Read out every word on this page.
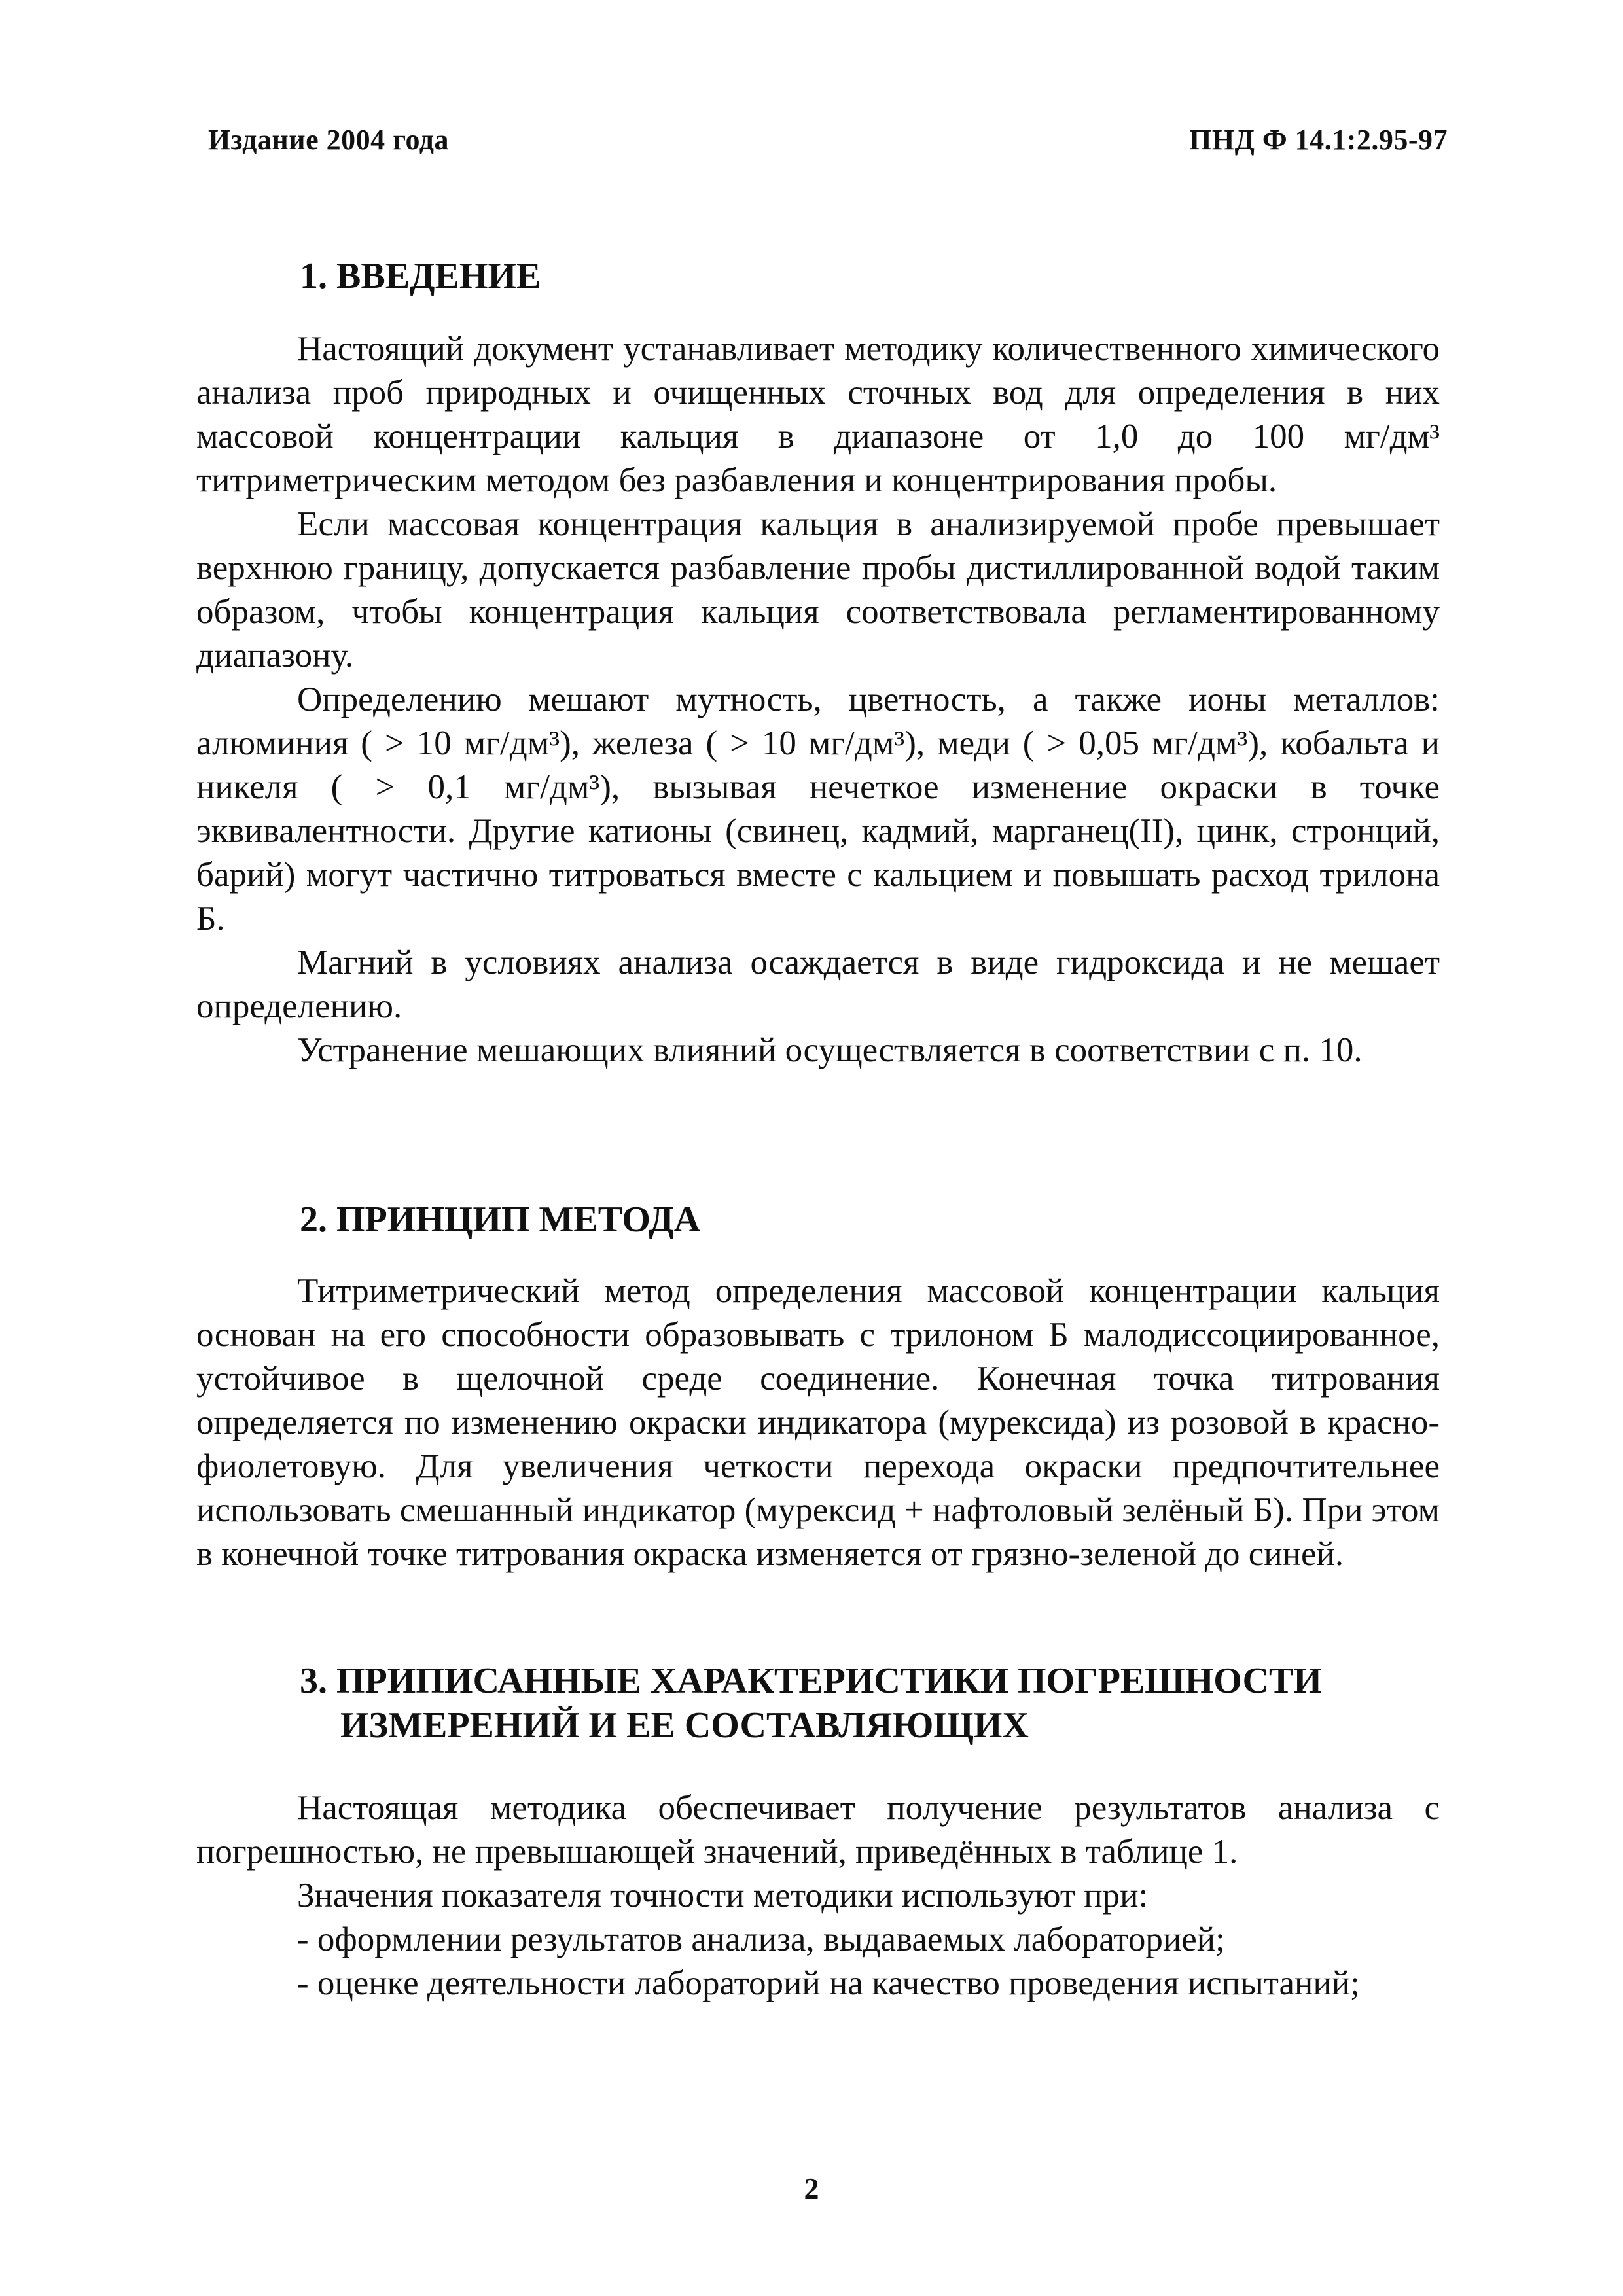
Издание 2004 года	ПНД Ф 14.1:2.95-97
1. ВВЕДЕНИЕ

Настоящий документ устанавливает методику количественного химического анализа проб природных и очищенных сточных вод для определения в них массовой концентрации кальция в диапазоне от 1,0 до 100 мг/дм³ титриметрическим методом без разбавления и концентрирования пробы.

Если массовая концентрация кальция в анализируемой пробе превышает верхнюю границу, допускается разбавление пробы дистиллированной водой таким образом, чтобы концентрация кальция соответствовала регламентированному диапазону.

Определению мешают мутность, цветность, а также ионы металлов: алюминия ( > 10 мг/дм³), железа ( > 10 мг/дм³), меди ( > 0,05 мг/дм³), кобальта и никеля ( > 0,1 мг/дм³), вызывая нечеткое изменение окраски в точке эквивалентности. Другие катионы (свинец, кадмий, марганец(II), цинк, стронций, барий) могут частично титроваться вместе с кальцием и повышать расход трилона Б.

Магний в условиях анализа осаждается в виде гидроксида и не мешает определению.

Устранение мешающих влияний осуществляется в соответствии с п. 10.

2. ПРИНЦИП МЕТОДА

Титриметрический метод определения массовой концентрации кальция основан на его способности образовывать с трилоном Б малодиссоциированное, устойчивое в щелочной среде соединение. Конечная точка титрования определяется по изменению окраски индикатора (мурексида) из розовой в красно-фиолетовую. Для увеличения четкости перехода окраски предпочтительнее использовать смешанный индикатор (мурексид + нафтоловый зелёный Б). При этом в конечной точке титрования окраска изменяется от грязно-зеленой до синей.

3. ПРИПИСАННЫЕ ХАРАКТЕРИСТИКИ ПОГРЕШНОСТИ
ИЗМЕРЕНИЙ И ЕЕ СОСТАВЛЯЮЩИХ

Настоящая методика обеспечивает получение результатов анализа с погрешностью, не превышающей значений, приведённых в таблице 1.

Значения показателя точности методики используют при:

- оформлении результатов анализа, выдаваемых лабораторией;

- оценке деятельности лабораторий на качество проведения испытаний;

2
